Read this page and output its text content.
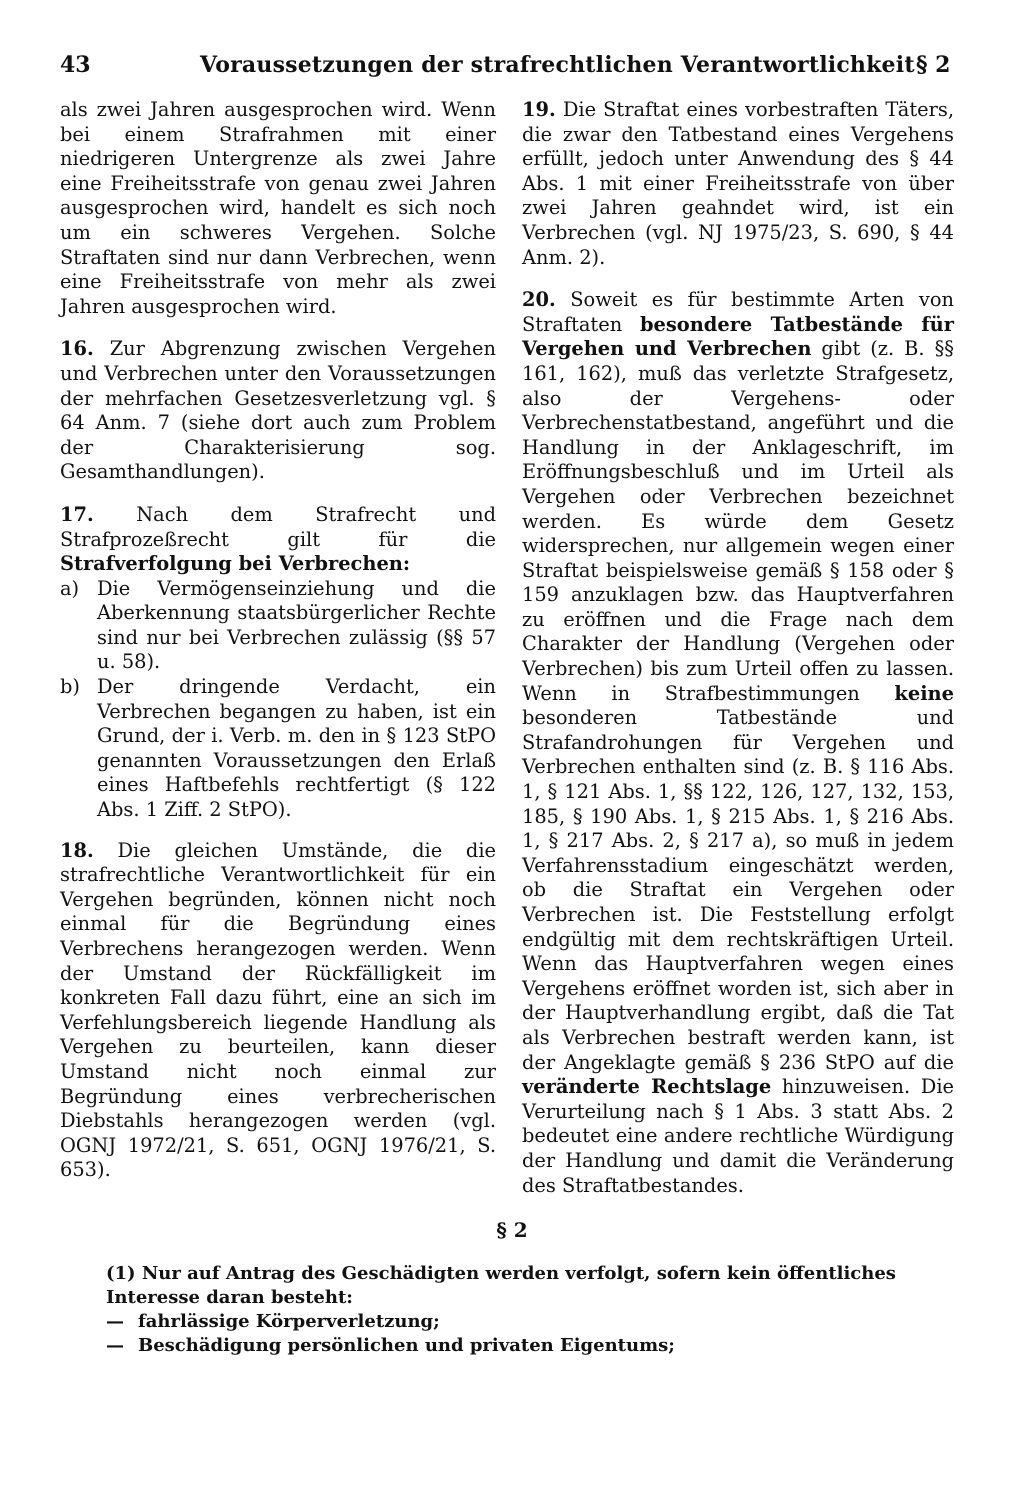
43	Voraussetzungen der strafrechtlichen Verantwortlichkeit § 2

als zwei Jahren ausgesprochen wird. Wenn bei einem Strafrahmen mit einer niedrigeren Untergrenze als zwei Jahre eine Freiheitsstrafe von genau zwei Jahren ausgesprochen wird, handelt es sich noch um ein schweres Vergehen. Solche Straftaten sind nur dann Verbrechen, wenn eine Freiheitsstrafe von mehr als zwei Jahren ausgesprochen wird.

16. Zur Abgrenzung zwischen Vergehen und Verbrechen unter den Voraussetzungen der mehrfachen Gesetzesverletzung vgl. § 64 Anm. 7 (siehe dort auch zum Problem der Charakterisierung sog. Gesamthandlungen).

17. Nach dem Strafrecht und Strafprozeßrecht gilt für die Strafverfolgung bei Verbrechen:

a) Die Vermögenseinziehung und die Aberkennung staatsbürgerlicher Rechte sind nur bei Verbrechen zulässig (§§ 57 u. 58).
b) Der dringende Verdacht, ein Verbrechen begangen zu haben, ist ein Grund, der i. Verb. m. den in § 123 StPO genannten Voraussetzungen den Erlaß eines Haftbefehls rechtfertigt (§ 122 Abs. 1 Ziff. 2 StPO).

18. Die gleichen Umstände, die die strafrechtliche Verantwortlichkeit für ein Vergehen begründen, können nicht noch einmal für die Begründung eines Verbrechens herangezogen werden. Wenn der Umstand der Rückfälligkeit im konkreten Fall dazu führt, eine an sich im Verfehlungsbereich liegende Handlung als Vergehen zu beurteilen, kann dieser Umstand nicht noch einmal zur Begründung eines verbrecherischen Diebstahls herangezogen werden (vgl. OGNJ 1972/21, S. 651, OGNJ 1976/21, S. 653).

19. Die Straftat eines vorbestraften Täters, die zwar den Tatbestand eines Vergehens erfüllt, jedoch unter Anwendung des § 44 Abs. 1 mit einer Freiheitsstrafe von über zwei Jahren geahndet wird, ist ein Verbrechen (vgl. NJ 1975/23, S. 690, § 44 Anm. 2).

20. Soweit es für bestimmte Arten von Straftaten besondere Tatbestände für Vergehen und Verbrechen gibt (z. B. §§ 161, 162), muß das verletzte Strafgesetz, also der Vergehens- oder Verbrechenstatbestand, angeführt und die Handlung in der Anklageschrift, im Eröffnungsbeschluß und im Urteil als Vergehen oder Verbrechen bezeichnet werden. Es würde dem Gesetz widersprechen, nur allgemein wegen einer Straftat beispielsweise gemäß § 158 oder § 159 anzuklagen bzw. das Hauptverfahren zu eröffnen und die Frage nach dem Charakter der Handlung (Vergehen oder Verbrechen) bis zum Urteil offen zu lassen. Wenn in Strafbestimmungen keine besonderen Tatbestände und Strafandrohungen für Vergehen und Verbrechen enthalten sind (z. B. § 116 Abs. 1, § 121 Abs. 1, §§ 122, 126, 127, 132, 153, 185, § 190 Abs. 1, § 215 Abs. 1, § 216 Abs. 1, § 217 Abs. 2, § 217 a), so muß in jedem Verfahrensstadium eingeschätzt werden, ob die Straftat ein Vergehen oder Verbrechen ist. Die Feststellung erfolgt endgültig mit dem rechtskräftigen Urteil. Wenn das Hauptverfahren wegen eines Vergehens eröffnet worden ist, sich aber in der Hauptverhandlung ergibt, daß die Tat als Verbrechen bestraft werden kann, ist der Angeklagte gemäß § 236 StPO auf die veränderte Rechtslage hinzuweisen. Die Verurteilung nach § 1 Abs. 3 statt Abs. 2 bedeutet eine andere rechtliche Würdigung der Handlung und damit die Veränderung des Straftatbestandes.

§ 2

(1) Nur auf Antrag des Geschädigten werden verfolgt, sofern kein öffentliches Interesse daran besteht:

— fahrlässige Körperverletzung;
— Beschädigung persönlichen und privaten Eigentums;
